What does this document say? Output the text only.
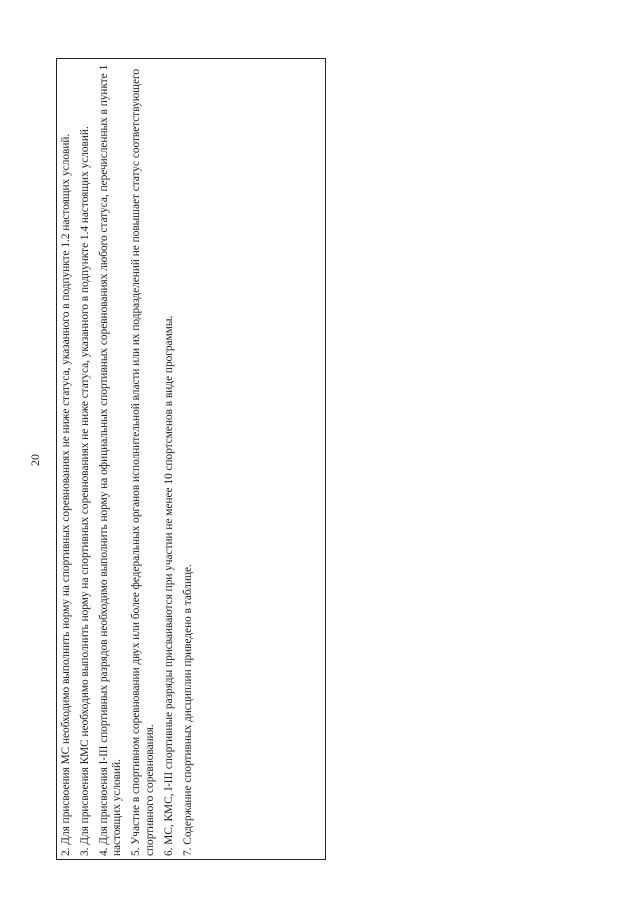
20	2. Для присвоения МС необходимо выполнить норму на спортивных соревнованиях не ниже статуса, указанного в подпункте 1.2 настоящих условий. 3. Для присвоения КМС необходимо выполнить норму на спортивных соревнованиях не ниже статуса, указанного в подпункте 1.4 настоящих условий. 4. Для присвоения I-III спортивных разрядов необходимо выполнить норму на официальных спортивных соревнованиях любого статуса, перечисленных в пункте 1 настоящих условий. 5. Участие в спортивном соревновании двух или более федеральных органов исполнительной власти или их подразделений не повышает статус соответствующего спортивного соревнования. 6. МС, КМС, I-III спортивные разряды присваиваются при участии не менее 10 спортсменов в виде программы. 7. Содержание спортивных дисциплин приведено в таблице.
